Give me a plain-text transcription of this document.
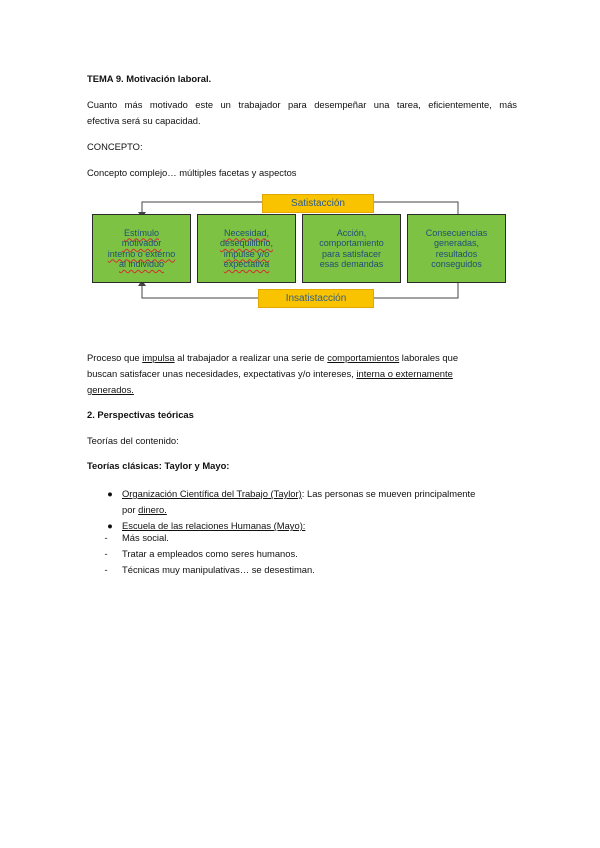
TEMA 9. Motivación laboral.

Cuanto más motivado este un trabajador para desempeñar una tarea, eficientemente, más

efectiva será su capacidad.

CONCEPTO:

Concepto complejo… múltiples facetas y aspectos

Satistacción
Insatistacción
Estímulo
motivador
interno o externo
al individuo
Necesidad,
desequilibrio,
impulse y/o
expectativa
Acción,
comportamiento
para satisfacer
esas demandas
Consecuencias
generadas,
resultados
conseguidos

Proceso que impulsa al trabajador a realizar una serie de comportamientos laborales que

buscan satisfacer unas necesidades, expectativas y/o intereses, interna o externamente

generados.

2. Perspectivas teóricas

Teorías del contenido:

Teorías clásicas: Taylor y Mayo:

● Organización Científica del Trabajo (Taylor): Las personas se mueven principalmente
por dinero.
● Escuela de las relaciones Humanas (Mayo):
-	Más social.
-	Tratar a empleados como seres humanos.
-	Técnicas muy manipulativas… se desestiman.
